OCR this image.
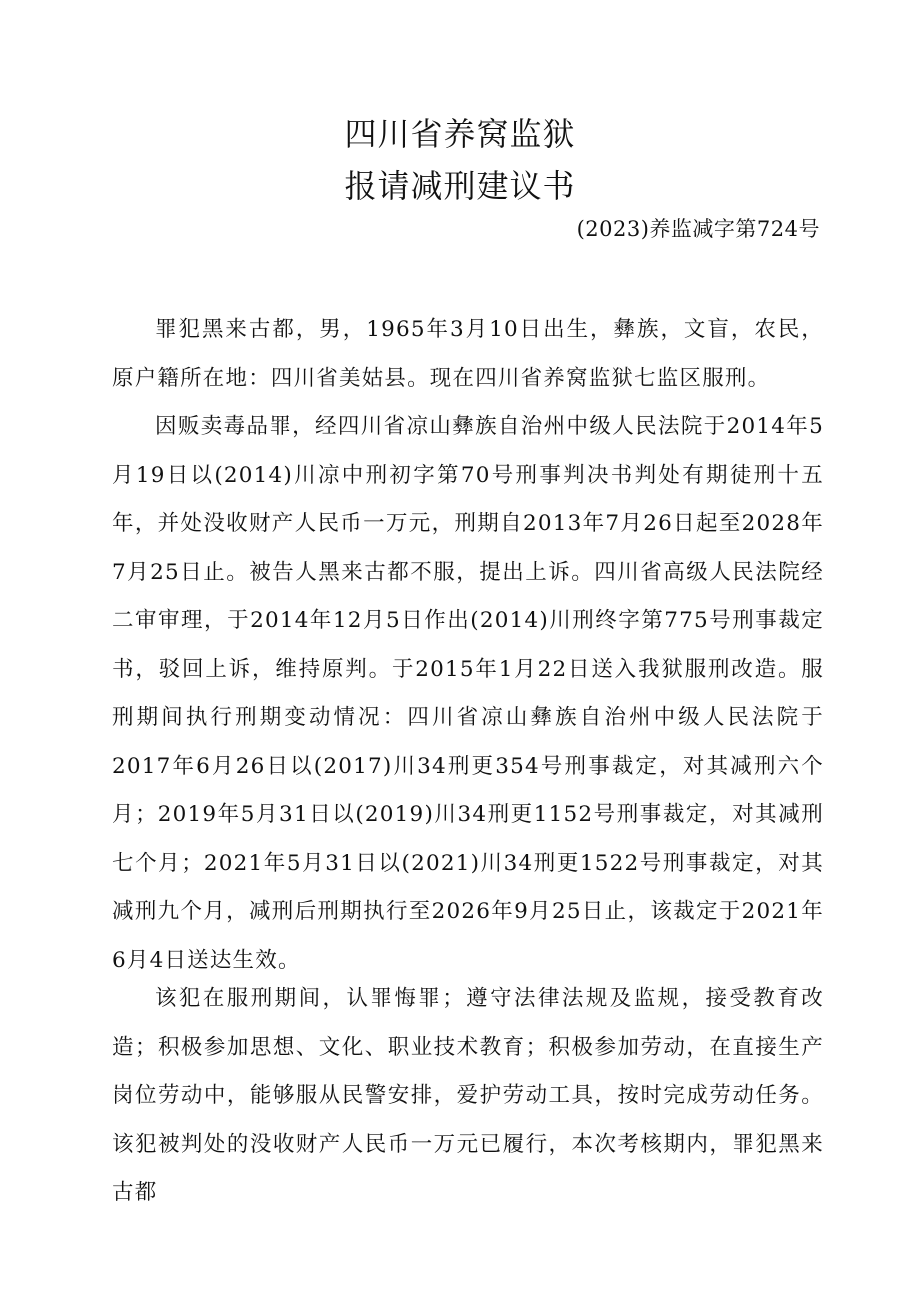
四川省养窝监狱
报请减刑建议书
(2023)养监减字第724号

罪犯黑来古都，男，1965年3月10日出生，彝族，文盲，农民，原户籍所在地：四川省美姑县。现在四川省养窝监狱七监区服刑。

因贩卖毒品罪，经四川省凉山彝族自治州中级人民法院于2014年5月19日以(2014)川凉中刑初字第70号刑事判决书判处有期徒刑十五年，并处没收财产人民币一万元，刑期自2013年7月26日起至2028年7月25日止。被告人黑来古都不服，提出上诉。四川省高级人民法院经二审审理，于2014年12月5日作出(2014)川刑终字第775号刑事裁定书，驳回上诉，维持原判。于2015年1月22日送入我狱服刑改造。服刑期间执行刑期变动情况：四川省凉山彝族自治州中级人民法院于2017年6月26日以(2017)川34刑更354号刑事裁定，对其减刑六个月；2019年5月31日以(2019)川34刑更1152号刑事裁定，对其减刑七个月；2021年5月31日以(2021)川34刑更1522号刑事裁定，对其减刑九个月，减刑后刑期执行至2026年9月25日止，该裁定于2021年6月4日送达生效。

该犯在服刑期间，认罪悔罪；遵守法律法规及监规，接受教育改造；积极参加思想、文化、职业技术教育；积极参加劳动，在直接生产岗位劳动中，能够服从民警安排，爱护劳动工具，按时完成劳动任务。该犯被判处的没收财产人民币一万元已履行，本次考核期内，罪犯黑来古都
